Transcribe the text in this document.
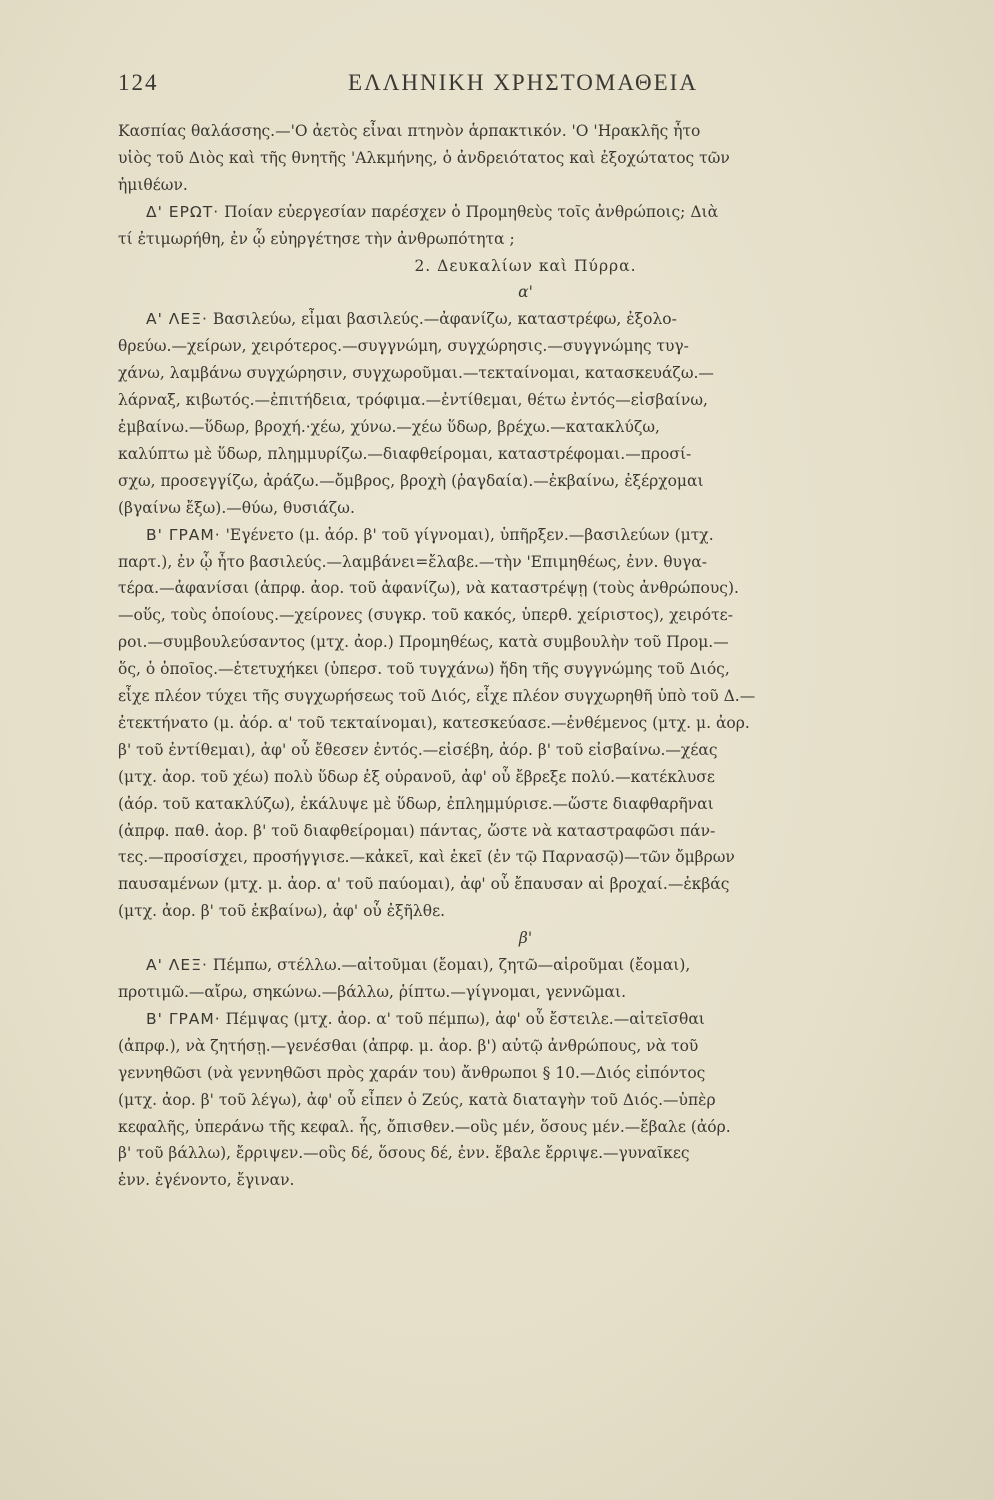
124	ΕΛΛΗΝΙΚΗ ΧΡΗΣΤΟΜΑΘΕΙΑ

Κασπίας θαλάσσης.—'Ο ἀετὸς εἶναι πτηνὸν ἁρπακτικόν. 'Ο 'Ηρακλῆς ἦτο

υἱὸς τοῦ Διὸς καὶ τῆς θνητῆς 'Αλκμήνης, ὁ ἀνδρειότατος καὶ ἐξοχώτατος τῶν

ἡμιθέων.

Δ' ΕΡΩΤ· Ποίαν εὐεργεσίαν παρέσχεν ὁ Προμηθεὺς τοῖς ἀνθρώποις; Διὰ

τί ἐτιμωρήθη, ἐν ᾧ εὐηργέτησε τὴν ἀνθρωπότητα ;

2. Δευκαλίων καὶ Πύρρα.

α'

Α' ΛΕΞ· Βασιλεύω, εἶμαι βασιλεύς.—ἀφανίζω, καταστρέφω, ἐξολο-

θρεύω.—χείρων, χειρότερος.—συγγνώμη, συγχώρησις.—συγγνώμης τυγ-

χάνω, λαμβάνω συγχώρησιν, συγχωροῦμαι.—τεκταίνομαι, κατασκευάζω.—

λάρναξ, κιβωτός.—ἐπιτήδεια, τρόφιμα.—ἐντίθεμαι, θέτω ἐντός—εἰσβαίνω,

ἐμβαίνω.—ὕδωρ, βροχή.·χέω, χύνω.—χέω ὕδωρ, βρέχω.—κατακλύζω,

καλύπτω μὲ ὕδωρ, πλημμυρίζω.—διαφθείρομαι, καταστρέφομαι.—προσί-

σχω, προσεγγίζω, ἀράζω.—ὄμβρος, βροχὴ (ῥαγδαία).—ἐκβαίνω, ἐξέρχομαι

(βγαίνω ἔξω).—θύω, θυσιάζω.

Β' ΓΡΑΜ· 'Εγένετο (μ. ἀόρ. β' τοῦ γίγνομαι), ὑπῆρξεν.—βασιλεύων (μτχ.

παρτ.), ἐν ᾧ ἦτο βασιλεύς.—λαμβάνει=ἔλαβε.—τὴν 'Επιμηθέως, ἐνν. θυγα-

τέρα.—ἀφανίσαι (ἀπρφ. ἀορ. τοῦ ἀφανίζω), νὰ καταστρέψῃ (τοὺς ἀνθρώπους).

—οὕς, τοὺς ὁποίους.—χείρονες (συγκρ. τοῦ κακός, ὑπερθ. χείριστος), χειρότε-

ροι.—συμβουλεύσαντος (μτχ. ἀορ.) Προμηθέως, κατὰ συμβουλὴν τοῦ Προμ.—

ὅς, ὁ ὁποῖος.—ἐτετυχήκει (ὑπερσ. τοῦ τυγχάνω) ἤδη τῆς συγγνώμης τοῦ Διός,

εἶχε πλέον τύχει τῆς συγχωρήσεως τοῦ Διός, εἶχε πλέον συγχωρηθῆ ὑπὸ τοῦ Δ.—

ἐτεκτήνατο (μ. ἀόρ. α' τοῦ τεκταίνομαι), κατεσκεύασε.—ἐνθέμενος (μτχ. μ. ἀορ.

β' τοῦ ἐντίθεμαι), ἀφ' οὗ ἔθεσεν ἐντός.—εἰσέβη, ἀόρ. β' τοῦ εἰσβαίνω.—χέας

(μτχ. ἀορ. τοῦ χέω) πολὺ ὕδωρ ἐξ οὐρανοῦ, ἀφ' οὗ ἔβρεξε πολύ.—κατέκλυσε

(ἀόρ. τοῦ κατακλύζω), ἐκάλυψε μὲ ὕδωρ, ἐπλημμύρισε.—ὥστε διαφθαρῆναι

(ἀπρφ. παθ. ἀορ. β' τοῦ διαφθείρομαι) πάντας, ὥστε νὰ καταστραφῶσι πάν-

τες.—προσίσχει, προσήγγισε.—κἀκεῖ, καὶ ἐκεῖ (ἐν τῷ Παρνασῷ)—τῶν ὄμβρων

παυσαμένων (μτχ. μ. ἀορ. α' τοῦ παύομαι), ἀφ' οὗ ἔπαυσαν αἱ βροχαί.—ἐκβάς

(μτχ. ἀορ. β' τοῦ ἐκβαίνω), ἀφ' οὗ ἐξῆλθε.

β'

Α' ΛΕΞ· Πέμπω, στέλλω.—αἰτοῦμαι (ἔομαι), ζητῶ—αἱροῦμαι (ἔομαι),

προτιμῶ.—αἴρω, σηκώνω.—βάλλω, ῥίπτω.—γίγνομαι, γεννῶμαι.

Β' ΓΡΑΜ· Πέμψας (μτχ. ἀορ. α' τοῦ πέμπω), ἀφ' οὗ ἔστειλε.—αἰτεῖσθαι

(ἀπρφ.), νὰ ζητήσῃ.—γενέσθαι (ἀπρφ. μ. ἀορ. β') αὐτῷ ἀνθρώπους, νὰ τοῦ

γεννηθῶσι (νὰ γεννηθῶσι πρὸς χαράν του) ἄνθρωποι § 10.—Διός εἰπόντος

(μτχ. ἀορ. β' τοῦ λέγω), ἀφ' οὗ εἶπεν ὁ Ζεύς, κατὰ διαταγὴν τοῦ Διός.—ὑπὲρ

κεφαλῆς, ὑπεράνω τῆς κεφαλ. ἧς, ὄπισθεν.—οὓς μέν, ὅσους μέν.—ἔβαλε (ἀόρ.

β' τοῦ βάλλω), ἔρριψεν.—οὓς δέ, ὅσους δέ, ἐνν. ἔβαλε ἔρριψε.—γυναῖκες

ἐνν. ἐγένοντο, ἔγιναν.
